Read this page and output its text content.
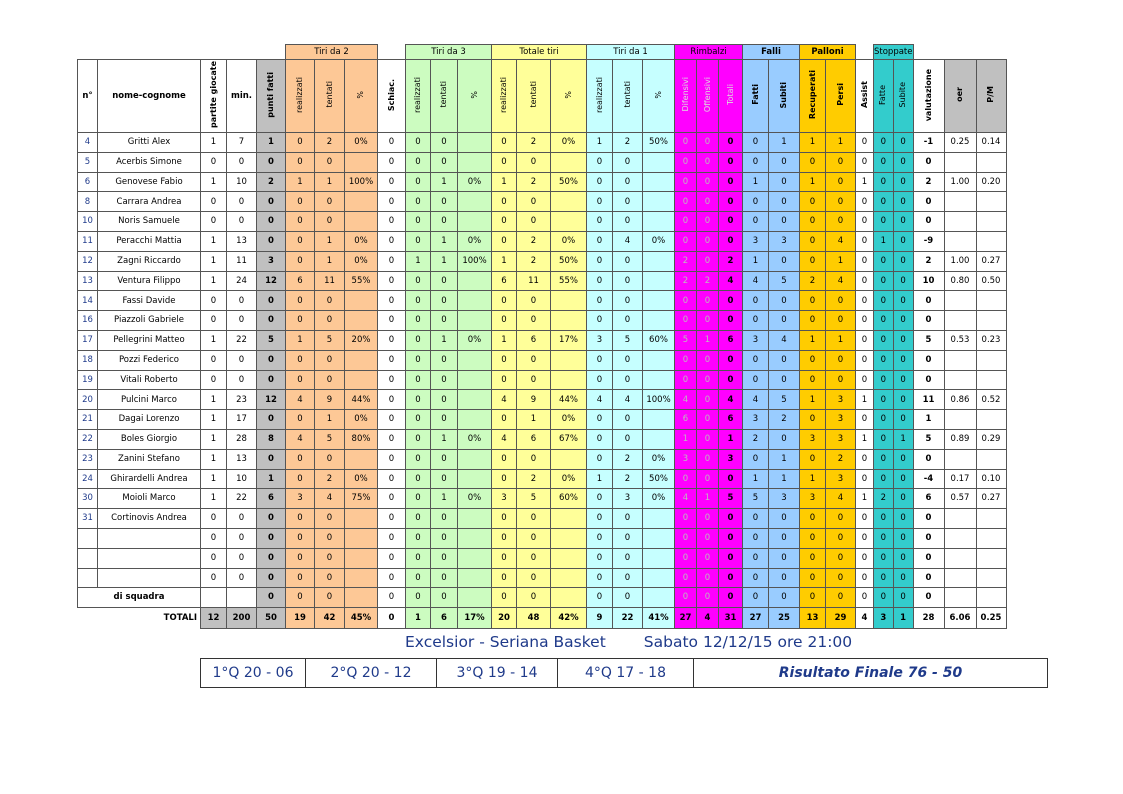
					Tiri da 2				Tiri da 3			Totale tiri			Tiri da 1			Rimbalzi			Falli		Palloni			Stoppate				
n°	nome-cognome	partite giocate	min.	punti fatti	realizzati	tentati	%	Schiac.	realizzati	tentati	%	realizzati	tentati	%	realizzati	tentati	%	Difensivi	Offensivi	Totali	Fatti	Subiti	Recuperati	Persi	Assist	Fatte	Subite	valutazione	oer	P/M
4	Gritti Alex	1	7	1	0	2	0%	0	0	0		0	2	0%	1	2	50%	0	0	0	0	1	1	1	0	0	0	-1	0.25	0.14
5	Acerbis Simone	0	0	0	0	0		0	0	0		0	0		0	0		0	0	0	0	0	0	0	0	0	0	0		
6	Genovese Fabio	1	10	2	1	1	100%	0	0	1	0%	1	2	50%	0	0		0	0	0	1	0	1	0	1	0	0	2	1.00	0.20
8	Carrara Andrea	0	0	0	0	0		0	0	0		0	0		0	0		0	0	0	0	0	0	0	0	0	0	0		
10	Noris Samuele	0	0	0	0	0		0	0	0		0	0		0	0		0	0	0	0	0	0	0	0	0	0	0		
11	Peracchi Mattia	1	13	0	0	1	0%	0	0	1	0%	0	2	0%	0	4	0%	0	0	0	3	3	0	4	0	1	0	-9		
12	Zagni Riccardo	1	11	3	0	1	0%	0	1	1	100%	1	2	50%	0	0		2	0	2	1	0	0	1	0	0	0	2	1.00	0.27
13	Ventura Filippo	1	24	12	6	11	55%	0	0	0		6	11	55%	0	0		2	2	4	4	5	2	4	0	0	0	10	0.80	0.50
14	Fassi Davide	0	0	0	0	0		0	0	0		0	0		0	0		0	0	0	0	0	0	0	0	0	0	0		
16	Piazzoli Gabriele	0	0	0	0	0		0	0	0		0	0		0	0		0	0	0	0	0	0	0	0	0	0	0		
17	Pellegrini Matteo	1	22	5	1	5	20%	0	0	1	0%	1	6	17%	3	5	60%	5	1	6	3	4	1	1	0	0	0	5	0.53	0.23
18	Pozzi Federico	0	0	0	0	0		0	0	0		0	0		0	0		0	0	0	0	0	0	0	0	0	0	0		
19	Vitali Roberto	0	0	0	0	0		0	0	0		0	0		0	0		0	0	0	0	0	0	0	0	0	0	0		
20	Pulcini Marco	1	23	12	4	9	44%	0	0	0		4	9	44%	4	4	100%	4	0	4	4	5	1	3	1	0	0	11	0.86	0.52
21	Dagai Lorenzo	1	17	0	0	1	0%	0	0	0		0	1	0%	0	0		6	0	6	3	2	0	3	0	0	0	1		
22	Boles Giorgio	1	28	8	4	5	80%	0	0	1	0%	4	6	67%	0	0		1	0	1	2	0	3	3	1	0	1	5	0.89	0.29
23	Zanini Stefano	1	13	0	0	0		0	0	0		0	0		0	2	0%	3	0	3	0	1	0	2	0	0	0	0		
24	Ghirardelli Andrea	1	10	1	0	2	0%	0	0	0		0	2	0%	1	2	50%	0	0	0	1	1	1	3	0	0	0	-4	0.17	0.10
30	Moioli Marco	1	22	6	3	4	75%	0	0	1	0%	3	5	60%	0	3	0%	4	1	5	5	3	3	4	1	2	0	6	0.57	0.27
31	Cortinovis Andrea	0	0	0	0	0		0	0	0		0	0		0	0		0	0	0	0	0	0	0	0	0	0	0		
		0	0	0	0	0		0	0	0		0	0		0	0		0	0	0	0	0	0	0	0	0	0	0		
		0	0	0	0	0		0	0	0		0	0		0	0		0	0	0	0	0	0	0	0	0	0	0		
		0	0	0	0	0		0	0	0		0	0		0	0		0	0	0	0	0	0	0	0	0	0	0		
di squadra				0	0	0		0	0	0		0	0		0	0		0	0	0	0	0	0	0	0	0	0	0		
TOTALI		12	200	50	19	42	45%	0	1	6	17%	20	48	42%	9	22	41%	27	4	31	27	25	13	29	4	3	1	28	6.06	0.25
Excelsior - Seriana Basket Sabato 12/12/15 ore 21:00
1°Q 20 - 06	2°Q 20 - 12	3°Q 19 - 14	4°Q 17 - 18	Risultato Finale 76 - 50
